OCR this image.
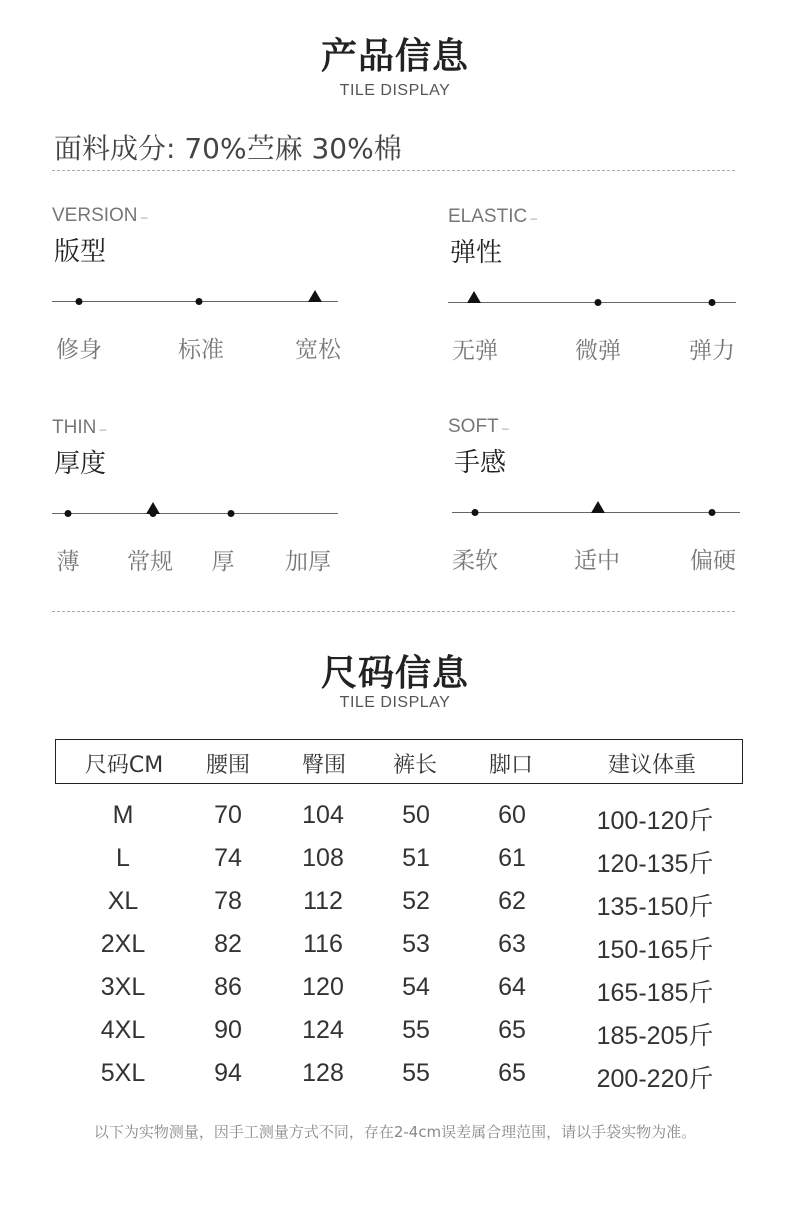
产品信息
TILE DISPLAY
面料成分: 70%苎麻 30%棉
VERSION –
版型
修身	标准	宽松
ELASTIC –
弹性
无弹	微弹	弹力
THIN –
厚度
薄 常规 厚 加厚
SOFT –
手感
柔软	适中	偏硬
尺码信息
TILE DISPLAY
尺码CM 腰围 臀围 裤长 脚口	建议体重
M	70 104 50	60	100-120斤
L	74 108 51	61	120-135斤
XL	78 112 52	62	135-150斤
2XL	82 116 53	63	150-165斤
3XL	86 120 54	64	165-185斤
4XL	90 124 55	65	185-205斤
5XL	94 128 55	65	200-220斤
以下为实物测量，因手工测量方式不同，存在2-4cm误差属合理范围，请以手袋实物为准。
